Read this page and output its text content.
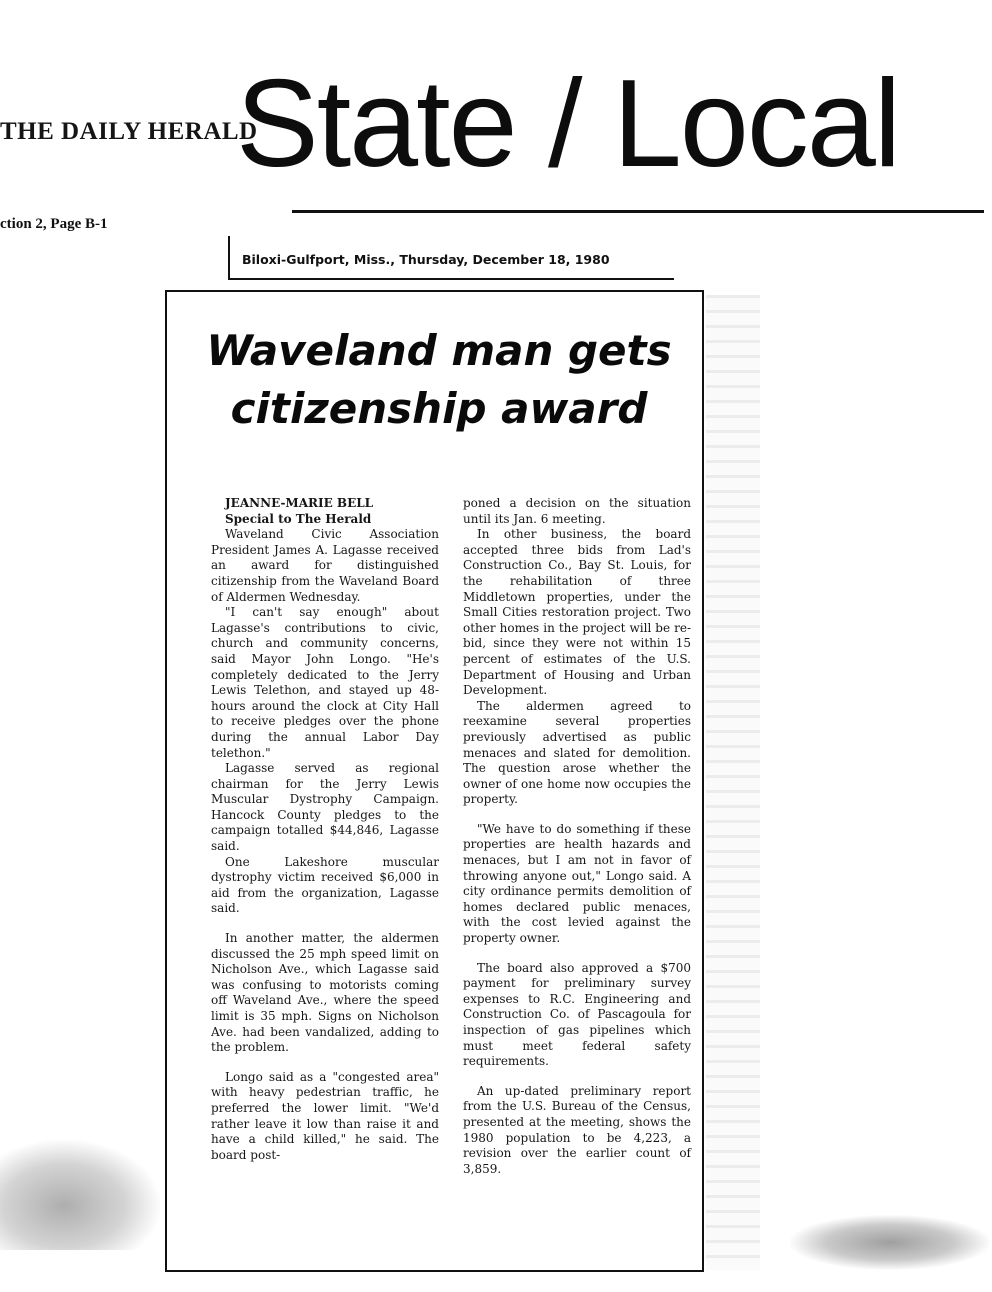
THE DAILY HERALD
State / Local
ction 2, Page B-1
Biloxi-Gulfport, Miss., Thursday, December 18, 1980
Waveland man gets citizenship award

JEANNE-MARIE BELL

Special to The Herald

Waveland Civic Association President James A. Lagasse received an award for distinguished citizenship from the Waveland Board of Aldermen Wednesday.

"I can't say enough" about Lagasse's contributions to civic, church and community concerns, said Mayor John Longo. "He's completely dedicated to the Jerry Lewis Telethon, and stayed up 48-hours around the clock at City Hall to receive pledges over the phone during the annual Labor Day telethon."

Lagasse served as regional chairman for the Jerry Lewis Muscular Dystrophy Campaign. Hancock County pledges to the campaign totalled $44,846, Lagasse said.

One Lakeshore muscular dystrophy victim received $6,000 in aid from the organization, Lagasse said.

In another matter, the aldermen discussed the 25 mph speed limit on Nicholson Ave., which Lagasse said was confusing to motorists coming off Waveland Ave., where the speed limit is 35 mph. Signs on Nicholson Ave. had been vandalized, adding to the problem.

Longo said as a "congested area" with heavy pedestrian traffic, he preferred the lower limit. "We'd rather leave it low than raise it and have a child killed," he said. The board post-

poned a decision on the situation until its Jan. 6 meeting.

In other business, the board accepted three bids from Lad's Construction Co., Bay St. Louis, for the rehabilitation of three Middletown properties, under the Small Cities restoration project. Two other homes in the project will be re-bid, since they were not within 15 percent of estimates of the U.S. Department of Housing and Urban Development.

The aldermen agreed to reexamine several properties previously advertised as public menaces and slated for demolition. The question arose whether the owner of one home now occupies the property.

"We have to do something if these properties are health hazards and menaces, but I am not in favor of throwing anyone out," Longo said. A city ordinance permits demolition of homes declared public menaces, with the cost levied against the property owner.

The board also approved a $700 payment for preliminary survey expenses to R.C. Engineering and Construction Co. of Pascagoula for inspection of gas pipelines which must meet federal safety requirements.

An up-dated preliminary report from the U.S. Bureau of the Census, presented at the meeting, shows the 1980 population to be 4,223, a revision over the earlier count of 3,859.
